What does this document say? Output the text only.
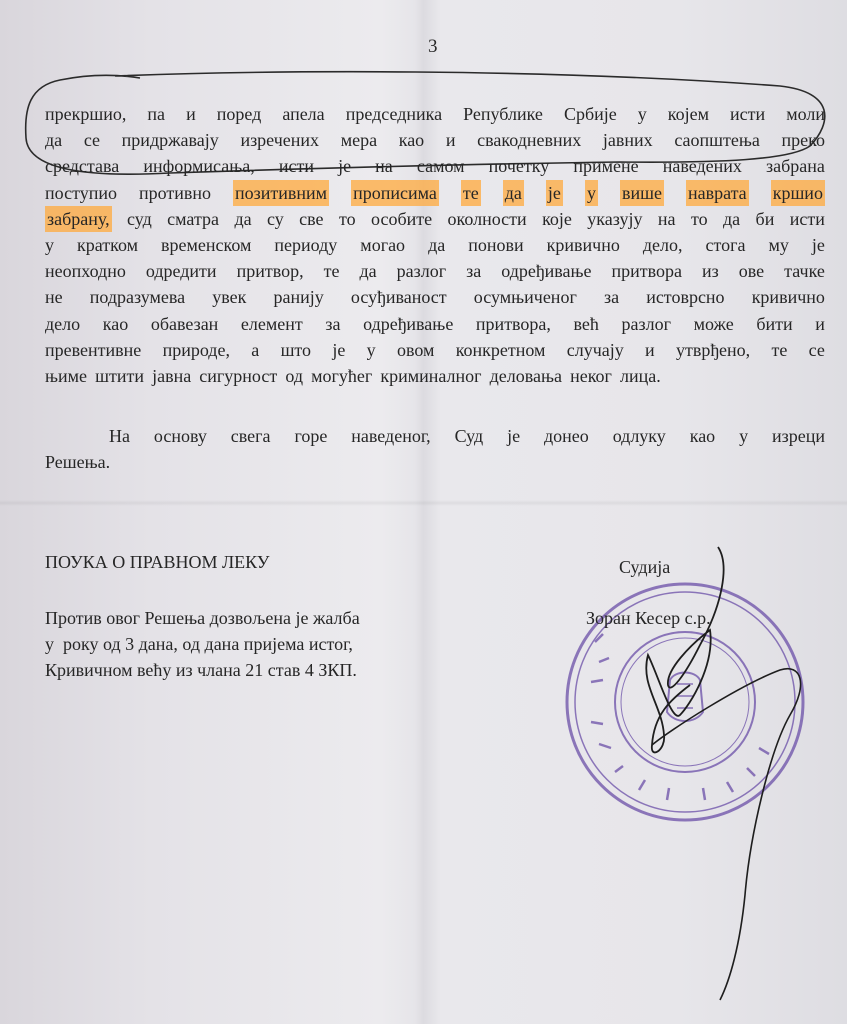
3
прекршио, па и поред апела председника Републике Србије у којем исти моли
да се придржавају изречених мера као и свакодневних јавних саопштења преко
средстава информисања, исти је на самом почетку примене наведених забрана
поступио противно позитивним прописима те да је у више наврата кршио
забрану, суд сматра да су све то особите околности које указују на то да би исти
у кратком временском периоду могао да понови кривично дело, стога му је
неопходно одредити притвор, те да разлог за одређивање притвора из ове тачке
не подразумева увек ранију осуђиваност осумњиченог за истоврсно кривично
дело као обавезан елемент за одређивање притвора, већ разлог може бити и
превентивне природе, а што је у овом конкретном случају и утврђено, те се
њиме штити јавна сигурност од могућег криминалног деловања неког лица.
На основу свега горе наведеног, Суд је донео одлуку као у изреци
Решења.
ПОУКА О ПРАВНОМ ЛЕКУ
Против овог Решења дозвољена је жалба
у  року од 3 дана, од дана пријема истог,
Кривичном већу из члана 21 став 4 ЗКП.
Судија
Зоран Кесер с.р.
